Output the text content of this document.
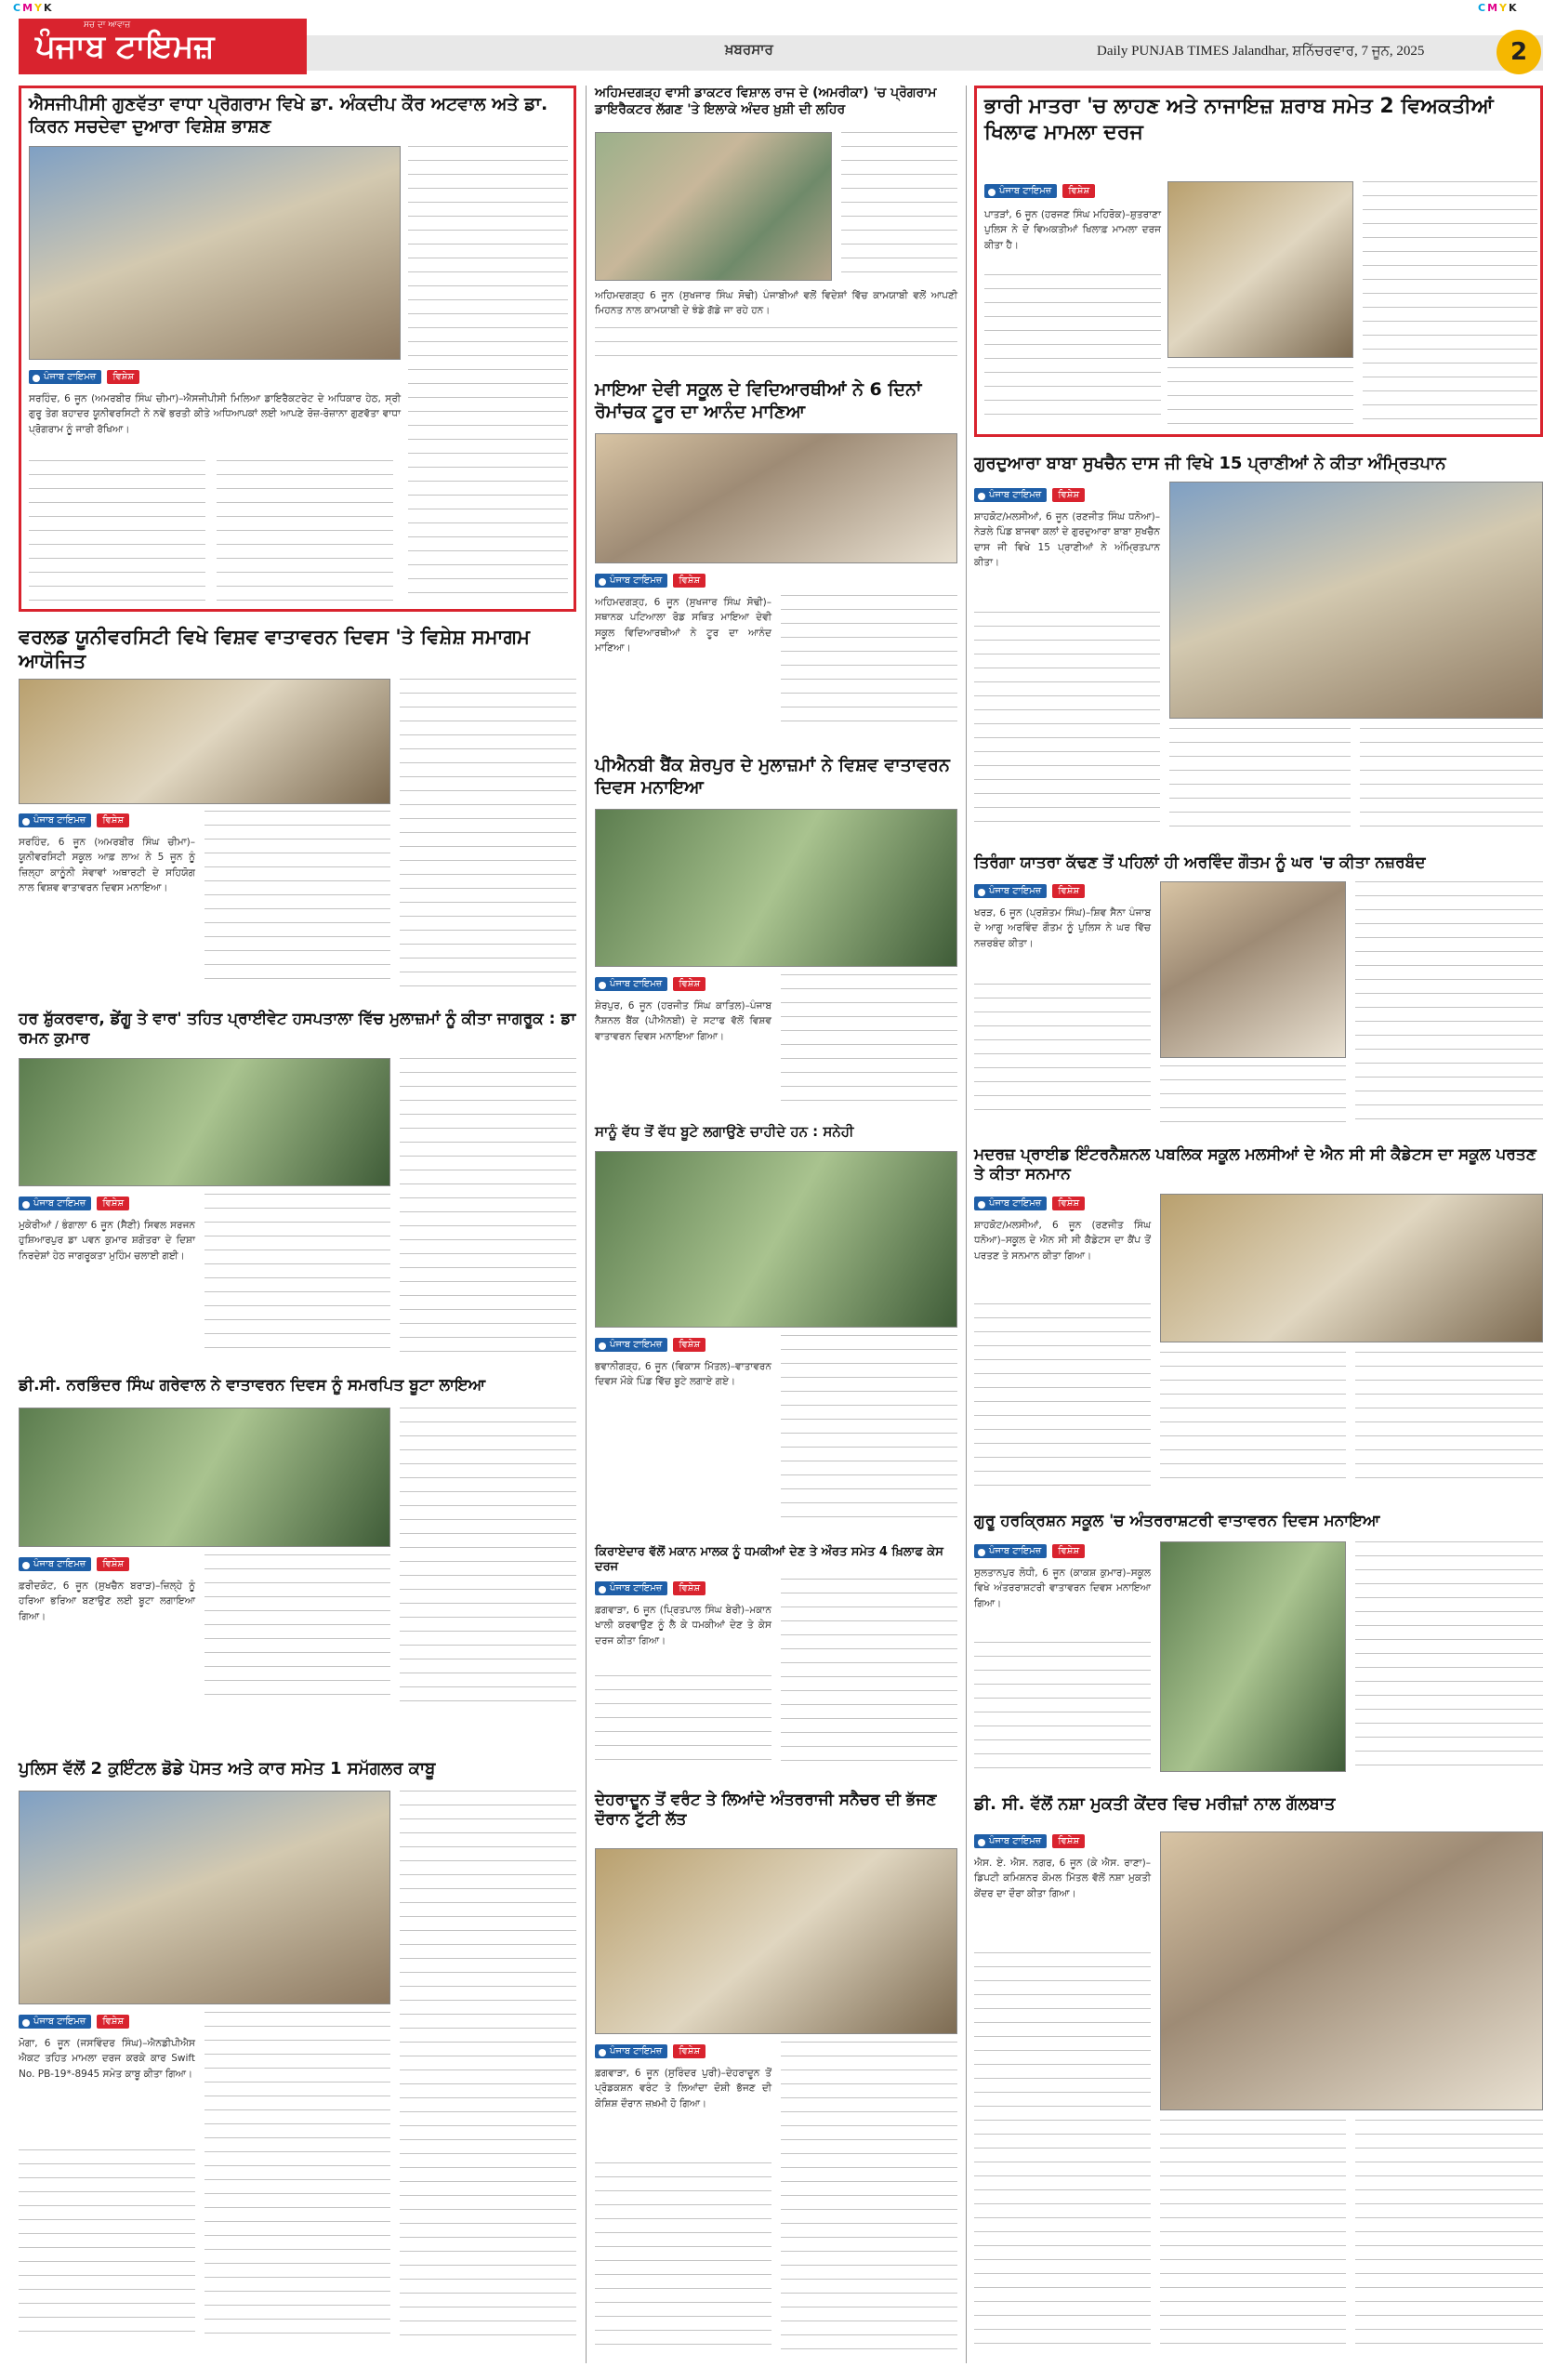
CMYK	CMYK
ਸਚ ਦਾ ਆਵਾਜ਼
ਪੰਜਾਬ ਟਾਇਮਜ਼	ਖ਼ਬਰਸਾਰ	Daily PUNJAB TIMES Jalandhar, ਸ਼ਨਿੱਚਰਵਾਰ, 7 ਜੂਨ, 2025	2
ਐਸਜੀਪੀਸੀ ਗੁਣਵੱਤਾ ਵਾਧਾ ਪ੍ਰੋਗਰਾਮ ਵਿਖੇ ਡਾ. ਅੰਕਦੀਪ ਕੌਰ ਅਟਵਾਲ ਅਤੇ ਡਾ. ਕਿਰਨ ਸਚਦੇਵਾ ਦੁਆਰਾ ਵਿਸ਼ੇਸ਼ ਭਾਸ਼ਣ
ਪੰਜਾਬ ਟਾਇਮਜ਼	ਵਿਸ਼ੇਸ਼
ਸਰਹਿੰਦ, 6 ਜੂਨ (ਅਮਰਬੀਰ ਸਿੰਘ ਚੀਮਾ)–ਐਸਜੀਪੀਸੀ ਮਿਲਿਆ ਡਾਇਰੈਕਟਰੇਟ ਦੇ ਅਧਿਕਾਰ ਹੇਠ, ਸ੍ਰੀ ਗੁਰੂ ਤੇਗ ਬਹਾਦਰ ਯੂਨੀਵਰਸਿਟੀ ਨੇ ਨਵੇਂ ਭਰਤੀ ਕੀਤੇ ਅਧਿਆਪਕਾਂ ਲਈ ਆਪਣੇ ਰੋਜ਼-ਰੋਜ਼ਾਨਾ ਗੁਣਵੱਤਾ ਵਾਧਾ ਪ੍ਰੋਗਰਾਮ ਨੂੰ ਜਾਰੀ ਰੱਖਿਆ।
ਅਹਿਮਦਗੜ੍ਹ ਵਾਸੀ ਡਾਕਟਰ ਵਿਸ਼ਾਲ ਰਾਜ ਦੇ (ਅਮਰੀਕਾ) 'ਚ ਪ੍ਰੋਗਰਾਮ ਡਾਇਰੈਕਟਰ ਲੱਗਣ 'ਤੇ ਇਲਾਕੇ ਅੰਦਰ ਖ਼ੁਸ਼ੀ ਦੀ ਲਹਿਰ
ਅਹਿਮਦਗੜ੍ਹ 6 ਜੂਨ (ਸੁਖਜਾਰ ਸਿੰਘ ਸੋਢੀ) ਪੰਜਾਬੀਆਂ ਵਲੋਂ ਵਿਦੇਸ਼ਾਂ ਵਿੱਚ ਕਾਮਯਾਬੀ ਵਲੋਂ ਆਪਣੀ ਮਿਹਨਤ ਨਾਲ ਕਾਮਯਾਬੀ ਦੇ ਝੰਡੇ ਗੱਡੇ ਜਾ ਰਹੇ ਹਨ।
ਭਾਰੀ ਮਾਤਰਾ 'ਚ ਲਾਹਣ ਅਤੇ ਨਾਜਾਇਜ਼ ਸ਼ਰਾਬ ਸਮੇਤ 2 ਵਿਅਕਤੀਆਂ ਖਿਲਾਫ ਮਾਮਲਾ ਦਰਜ
ਪੰਜਾਬ ਟਾਇਮਜ਼	ਵਿਸ਼ੇਸ਼
ਪਾਤੜਾਂ, 6 ਜੂਨ (ਹਰਜਣ ਸਿੰਘ ਮਹਿਰੋਕ)–ਸ਼ੁਤਰਾਣਾ ਪੁਲਿਸ ਨੇ ਦੋ ਵਿਅਕਤੀਆਂ ਖਿਲਾਫ਼ ਮਾਮਲਾ ਦਰਜ ਕੀਤਾ ਹੈ।
ਮਾਇਆ ਦੇਵੀ ਸਕੂਲ ਦੇ ਵਿਦਿਆਰਥੀਆਂ ਨੇ 6 ਦਿਨਾਂ ਰੋਮਾਂਚਕ ਟੂਰ ਦਾ ਆਨੰਦ ਮਾਣਿਆ
ਪੰਜਾਬ ਟਾਇਮਜ਼	ਵਿਸ਼ੇਸ਼
ਅਹਿਮਦਗੜ੍ਹ, 6 ਜੂਨ (ਸੁਖਜਾਰ ਸਿੰਘ ਸੋਢੀ)–ਸਥਾਨਕ ਪਟਿਆਲਾ ਰੋਡ ਸਥਿਤ ਮਾਇਆ ਦੇਵੀ ਸਕੂਲ ਵਿਦਿਆਰਥੀਆਂ ਨੇ ਟੂਰ ਦਾ ਆਨੰਦ ਮਾਣਿਆ।
ਗੁਰਦੁਆਰਾ ਬਾਬਾ ਸੁਖਚੈਨ ਦਾਸ ਜੀ ਵਿਖੇ 15 ਪ੍ਰਾਣੀਆਂ ਨੇ ਕੀਤਾ ਅੰਮ੍ਰਿਤਪਾਨ
ਪੰਜਾਬ ਟਾਇਮਜ਼	ਵਿਸ਼ੇਸ਼
ਸ਼ਾਹਕੋਟ/ਮਲਸੀਆਂ, 6 ਜੂਨ (ਰਣਜੀਤ ਸਿੰਘ ਧਨੋਆ)–ਨੇੜਲੇ ਪਿੰਡ ਬਾਜਵਾ ਕਲਾਂ ਦੇ ਗੁਰਦੁਆਰਾ ਬਾਬਾ ਸੁਖਚੈਨ ਦਾਸ ਜੀ ਵਿਖੇ 15 ਪ੍ਰਾਣੀਆਂ ਨੇ ਅੰਮ੍ਰਿਤਪਾਨ ਕੀਤਾ।
ਵਰਲਡ ਯੂਨੀਵਰਸਿਟੀ ਵਿਖੇ ਵਿਸ਼ਵ ਵਾਤਾਵਰਨ ਦਿਵਸ 'ਤੇ ਵਿਸ਼ੇਸ਼ ਸਮਾਗਮ ਆਯੋਜਿਤ
ਪੰਜਾਬ ਟਾਇਮਜ਼	ਵਿਸ਼ੇਸ਼
ਸਰਹਿੰਦ, 6 ਜੂਨ (ਅਮਰਬੀਰ ਸਿੰਘ ਚੀਮਾ)–ਯੂਨੀਵਰਸਿਟੀ ਸਕੂਲ ਆਫ਼ ਲਾਅ ਨੇ 5 ਜੂਨ ਨੂੰ ਜ਼ਿਲ੍ਹਾ ਕਾਨੂੰਨੀ ਸੇਵਾਵਾਂ ਅਥਾਰਟੀ ਦੇ ਸਹਿਯੋਗ ਨਾਲ ਵਿਸ਼ਵ ਵਾਤਾਵਰਨ ਦਿਵਸ ਮਨਾਇਆ।
ਪੀਐਨਬੀ ਬੈਂਕ ਸ਼ੇਰਪੁਰ ਦੇ ਮੁਲਾਜ਼ਮਾਂ ਨੇ ਵਿਸ਼ਵ ਵਾਤਾਵਰਨ ਦਿਵਸ ਮਨਾਇਆ
ਪੰਜਾਬ ਟਾਇਮਜ਼	ਵਿਸ਼ੇਸ਼
ਸ਼ੇਰਪੁਰ, 6 ਜੂਨ (ਹਰਜੀਤ ਸਿੰਘ ਕਾਤਿਲ)–ਪੰਜਾਬ ਨੈਸ਼ਨਲ ਬੈਂਕ (ਪੀਐਨਬੀ) ਦੇ ਸਟਾਫ ਵੱਲੋਂ ਵਿਸ਼ਵ ਵਾਤਾਵਰਨ ਦਿਵਸ ਮਨਾਇਆ ਗਿਆ।
ਤਿਰੰਗਾ ਯਾਤਰਾ ਕੱਢਣ ਤੋਂ ਪਹਿਲਾਂ ਹੀ ਅਰਵਿੰਦ ਗੌਤਮ ਨੂੰ ਘਰ 'ਚ ਕੀਤਾ ਨਜ਼ਰਬੰਦ
ਪੰਜਾਬ ਟਾਇਮਜ਼	ਵਿਸ਼ੇਸ਼
ਖਰੜ, 6 ਜੂਨ (ਪ੍ਰਸ਼ੋਤਮ ਸਿੰਘ)–ਸ਼ਿਵ ਸੈਨਾ ਪੰਜਾਬ ਦੇ ਆਗੂ ਅਰਵਿੰਦ ਗੌਤਮ ਨੂੰ ਪੁਲਿਸ ਨੇ ਘਰ ਵਿੱਚ ਨਜ਼ਰਬੰਦ ਕੀਤਾ।
ਹਰ ਸ਼ੁੱਕਰਵਾਰ, ਡੇਂਗੂ ਤੇ ਵਾਰ' ਤਹਿਤ ਪ੍ਰਾਈਵੇਟ ਹਸਪਤਾਲਾ ਵਿੱਚ ਮੁਲਾਜ਼ਮਾਂ ਨੂੰ ਕੀਤਾ ਜਾਗਰੂਕ : ਡਾ ਰਮਨ ਕੁਮਾਰ
ਪੰਜਾਬ ਟਾਇਮਜ਼	ਵਿਸ਼ੇਸ਼
ਮੁਕੇਰੀਆਂ / ਭੰਗਾਲਾ 6 ਜੂਨ (ਸੈਣੀ) ਸਿਵਲ ਸਰਜਨ ਹੁਸ਼ਿਆਰਪੁਰ ਡਾ ਪਵਨ ਕੁਮਾਰ ਸ਼ਗੋਤਰਾ ਦੇ ਦਿਸ਼ਾ ਨਿਰਦੇਸ਼ਾਂ ਹੇਠ ਜਾਗਰੂਕਤਾ ਮੁਹਿੰਮ ਚਲਾਈ ਗਈ।
ਸਾਨੂੰ ਵੱਧ ਤੋਂ ਵੱਧ ਬੂਟੇ ਲਗਾਉਣੇ ਚਾਹੀਦੇ ਹਨ : ਸਨੇਹੀ
ਪੰਜਾਬ ਟਾਇਮਜ਼	ਵਿਸ਼ੇਸ਼
ਭਵਾਨੀਗੜ੍ਹ, 6 ਜੂਨ (ਵਿਕਾਸ ਮਿੱਤਲ)–ਵਾਤਾਵਰਨ ਦਿਵਸ ਮੌਕੇ ਪਿੰਡ ਵਿੱਚ ਬੂਟੇ ਲਗਾਏ ਗਏ।
ਮਦਰਜ਼ ਪ੍ਰਾਈਡ ਇੰਟਰਨੈਸ਼ਨਲ ਪਬਲਿਕ ਸਕੂਲ ਮਲਸੀਆਂ ਦੇ ਐਨ ਸੀ ਸੀ ਕੈਡੇਟਸ ਦਾ ਸਕੂਲ ਪਰਤਣ ਤੇ ਕੀਤਾ ਸਨਮਾਨ
ਪੰਜਾਬ ਟਾਇਮਜ਼	ਵਿਸ਼ੇਸ਼
ਸ਼ਾਹਕੋਟ/ਮਲਸੀਆਂ, 6 ਜੂਨ (ਰਣਜੀਤ ਸਿੰਘ ਧਨੋਆ)–ਸਕੂਲ ਦੇ ਐਨ ਸੀ ਸੀ ਕੈਡੇਟਸ ਦਾ ਕੈਂਪ ਤੋਂ ਪਰਤਣ ਤੇ ਸਨਮਾਨ ਕੀਤਾ ਗਿਆ।
ਡੀ.ਸੀ. ਨਰਭਿੰਦਰ ਸਿੰਘ ਗਰੇਵਾਲ ਨੇ ਵਾਤਾਵਰਨ ਦਿਵਸ ਨੂੰ ਸਮਰਪਿਤ ਬੂਟਾ ਲਾਇਆ
ਪੰਜਾਬ ਟਾਇਮਜ਼	ਵਿਸ਼ੇਸ਼
ਫ਼ਰੀਦਕੋਟ, 6 ਜੂਨ (ਸੁਖਚੈਨ ਬਰਾੜ)–ਜ਼ਿਲ੍ਹੇ ਨੂੰ ਹਰਿਆ ਭਰਿਆ ਬਣਾਉਣ ਲਈ ਬੂਟਾ ਲਗਾਇਆ ਗਿਆ।
ਕਿਰਾਏਦਾਰ ਵੱਲੋਂ ਮਕਾਨ ਮਾਲਕ ਨੂੰ ਧਮਕੀਆਂ ਦੇਣ ਤੇ ਔਰਤ ਸਮੇਤ 4 ਖ਼ਿਲਾਫ ਕੇਸ ਦਰਜ
ਪੰਜਾਬ ਟਾਇਮਜ਼	ਵਿਸ਼ੇਸ਼
ਫ਼ਗਵਾੜਾ, 6 ਜੂਨ (ਪ੍ਰਿਤਪਾਲ ਸਿੰਘ ਬੇਰੀ)–ਮਕਾਨ ਖਾਲੀ ਕਰਵਾਉਣ ਨੂੰ ਲੈ ਕੇ ਧਮਕੀਆਂ ਦੇਣ ਤੇ ਕੇਸ ਦਰਜ ਕੀਤਾ ਗਿਆ।
ਗੁਰੂ ਹਰਕ੍ਰਿਸ਼ਨ ਸਕੂਲ 'ਚ ਅੰਤਰਰਾਸ਼ਟਰੀ ਵਾਤਾਵਰਨ ਦਿਵਸ ਮਨਾਇਆ
ਪੰਜਾਬ ਟਾਇਮਜ਼	ਵਿਸ਼ੇਸ਼
ਸੁਲਤਾਨਪੁਰ ਲੋਧੀ, 6 ਜੂਨ (ਕਾਕਸ਼ ਕੁਮਾਰ)–ਸਕੂਲ ਵਿਖੇ ਅੰਤਰਰਾਸ਼ਟਰੀ ਵਾਤਾਵਰਨ ਦਿਵਸ ਮਨਾਇਆ ਗਿਆ।
ਪੁਲਿਸ ਵੱਲੋਂ 2 ਕੁਇੰਟਲ ਡੋਡੇ ਪੋਸਤ ਅਤੇ ਕਾਰ ਸਮੇਤ 1 ਸਮੱਗਲਰ ਕਾਬੂ
ਪੰਜਾਬ ਟਾਇਮਜ਼	ਵਿਸ਼ੇਸ਼
ਮੋਗਾ, 6 ਜੂਨ (ਜਸਵਿੰਦਰ ਸਿੰਘ)–ਐਨਡੀਪੀਐਸ ਐਕਟ ਤਹਿਤ ਮਾਮਲਾ ਦਰਜ ਕਰਕੇ ਕਾਰ Swift No. PB-19*-8945 ਸਮੇਤ ਕਾਬੂ ਕੀਤਾ ਗਿਆ।
ਦੇਹਰਾਦੂਨ ਤੋਂ ਵਰੰਟ ਤੇ ਲਿਆਂਦੇ ਅੰਤਰਰਾਜੀ ਸਨੈਚਰ ਦੀ ਭੱਜਣ ਦੌਰਾਨ ਟੁੱਟੀ ਲੱਤ
ਪੰਜਾਬ ਟਾਇਮਜ਼	ਵਿਸ਼ੇਸ਼
ਫ਼ਗਵਾੜਾ, 6 ਜੂਨ (ਸੁਰਿੰਦਰ ਪੁਰੀ)–ਦੇਹਰਾਦੂਨ ਤੋਂ ਪ੍ਰੋਡਕਸ਼ਨ ਵਰੰਟ ਤੇ ਲਿਆਂਦਾ ਦੋਸ਼ੀ ਭੱਜਣ ਦੀ ਕੋਸ਼ਿਸ਼ ਦੌਰਾਨ ਜ਼ਖ਼ਮੀ ਹੋ ਗਿਆ।
ਡੀ. ਸੀ. ਵੱਲੋਂ ਨਸ਼ਾ ਮੁਕਤੀ ਕੇਂਦਰ ਵਿਚ ਮਰੀਜ਼ਾਂ ਨਾਲ ਗੱਲਬਾਤ
ਪੰਜਾਬ ਟਾਇਮਜ਼	ਵਿਸ਼ੇਸ਼
ਐਸ. ਏ. ਐਸ. ਨਗਰ, 6 ਜੂਨ (ਕੇ ਐਸ. ਰਾਣਾ)–ਡਿਪਟੀ ਕਮਿਸ਼ਨਰ ਕੋਮਲ ਮਿੱਤਲ ਵੱਲੋਂ ਨਸ਼ਾ ਮੁਕਤੀ ਕੇਂਦਰ ਦਾ ਦੌਰਾ ਕੀਤਾ ਗਿਆ।
